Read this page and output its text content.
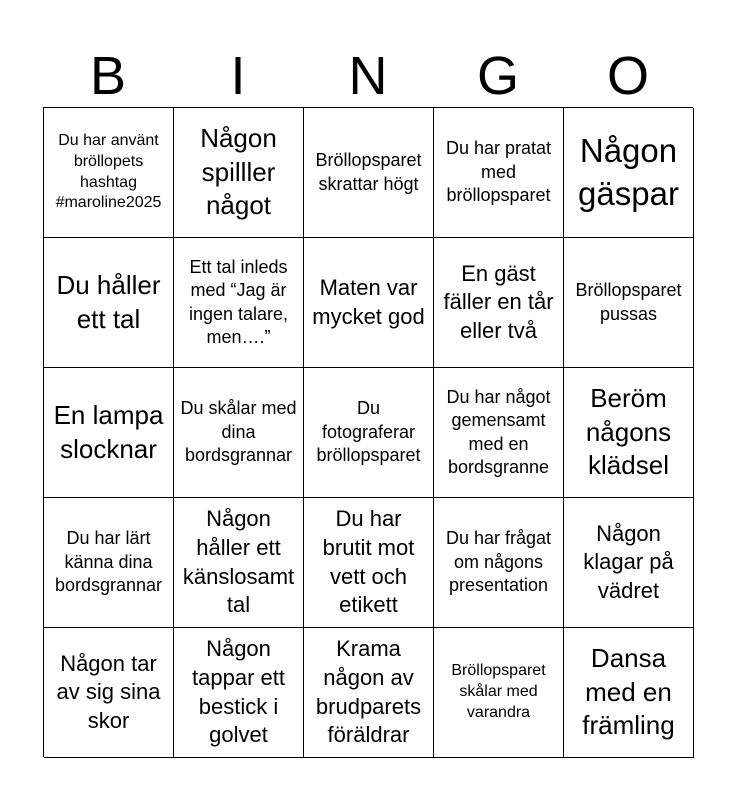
B	I	N	G	O
Du har använt bröllopets hashtag #maroline2025
Någon spilller något
Bröllopsparet skrattar högt
Du har pratat med bröllopsparet
Någon gäspar
Du håller ett tal
Ett tal inleds med “Jag är ingen talare, men….”
Maten var mycket god
En gäst fäller en tår eller två
Bröllopsparet pussas
En lampa slocknar
Du skålar med dina bordsgrannar
Du fotograferar bröllopsparet
Du har något gemensamt med en bordsgranne
Beröm någons klädsel
Du har lärt känna dina bordsgrannar
Någon håller ett känslosamt tal
Du har brutit mot vett och etikett
Du har frågat om någons presentation
Någon klagar på vädret
Någon tar av sig sina skor
Någon tappar ett bestick i golvet
Krama någon av brudparets föräldrar
Bröllopsparet skålar med varandra
Dansa med en främling
